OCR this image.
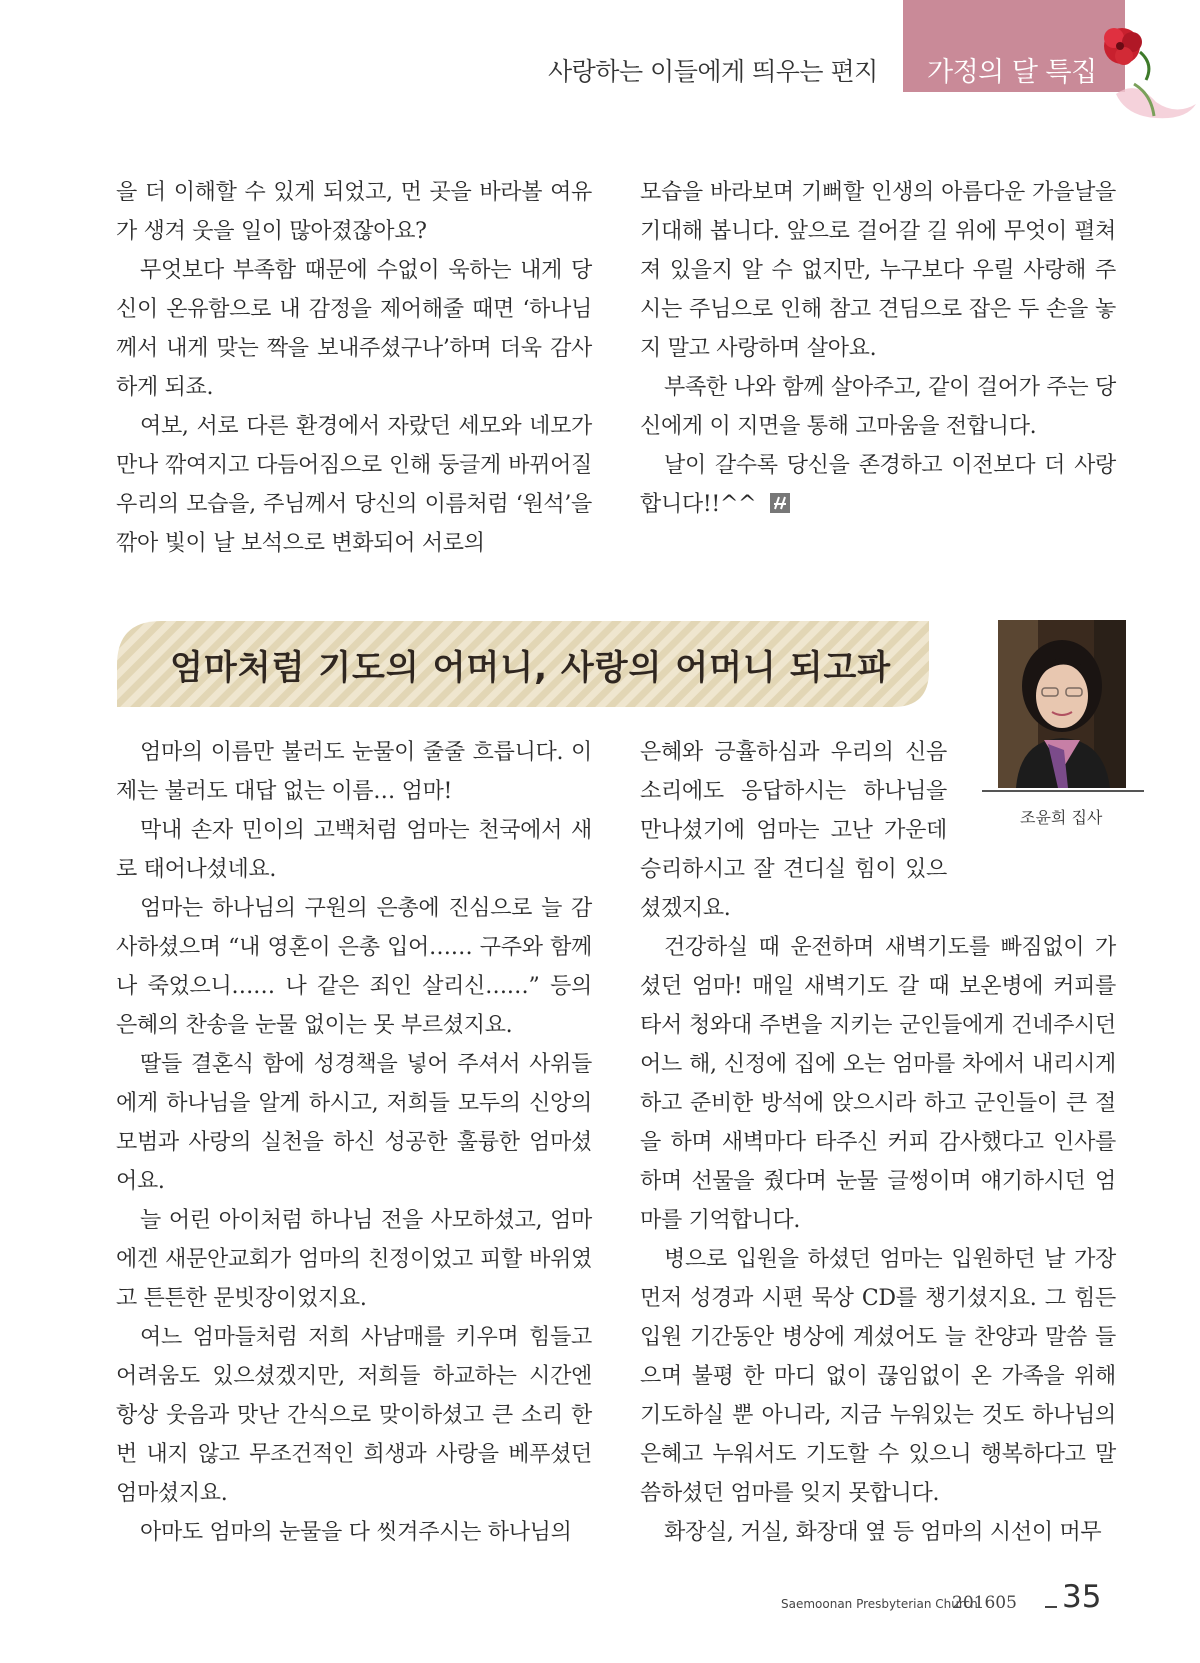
사랑하는 이들에게 띄우는 편지 가정의 달 특집

을 더 이해할 수 있게 되었고, 먼 곳을 바라볼 여유가 생겨 웃을 일이 많아졌잖아요?

무엇보다 부족함 때문에 수없이 욱하는 내게 당신이 온유함으로 내 감정을 제어해줄 때면 ‘하나님께서 내게 맞는 짝을 보내주셨구나’하며 더욱 감사하게 되죠.

여보, 서로 다른 환경에서 자랐던 세모와 네모가 만나 깎여지고 다듬어짐으로 인해 둥글게 바뀌어질 우리의 모습을, 주님께서 당신의 이름처럼 ‘원석’을 깎아 빛이 날 보석으로 변화되어 서로의

모습을 바라보며 기뻐할 인생의 아름다운 가을날을 기대해 봅니다. 앞으로 걸어갈 길 위에 무엇이 펼쳐져 있을지 알 수 없지만, 누구보다 우릴 사랑해 주시는 주님으로 인해 참고 견딤으로 잡은 두 손을 놓지 말고 사랑하며 살아요.

부족한 나와 함께 살아주고, 같이 걸어가 주는 당신에게 이 지면을 통해 고마움을 전합니다.

날이 갈수록 당신을 존경하고 이전보다 더 사랑합니다!!^^

엄마처럼 기도의 어머니, 사랑의 어머니 되고파
조윤희 집사

엄마의 이름만 불러도 눈물이 줄줄 흐릅니다. 이제는 불러도 대답 없는 이름… 엄마!

막내 손자 민이의 고백처럼 엄마는 천국에서 새로 태어나셨네요.

엄마는 하나님의 구원의 은총에 진심으로 늘 감사하셨으며 “내 영혼이 은총 입어…… 구주와 함께 나 죽었으니…… 나 같은 죄인 살리신……” 등의 은혜의 찬송을 눈물 없이는 못 부르셨지요.

딸들 결혼식 함에 성경책을 넣어 주셔서 사위들에게 하나님을 알게 하시고, 저희들 모두의 신앙의 모범과 사랑의 실천을 하신 성공한 훌륭한 엄마셨어요.

늘 어린 아이처럼 하나님 전을 사모하셨고, 엄마에겐 새문안교회가 엄마의 친정이었고 피할 바위였고 튼튼한 문빗장이었지요.

여느 엄마들처럼 저희 사남매를 키우며 힘들고 어려움도 있으셨겠지만, 저희들 하교하는 시간엔 항상 웃음과 맛난 간식으로 맞이하셨고 큰 소리 한 번 내지 않고 무조건적인 희생과 사랑을 베푸셨던 엄마셨지요.

아마도 엄마의 눈물을 다 씻겨주시는 하나님의

은혜와 긍휼하심과 우리의 신음 소리에도 응답하시는 하나님을 만나셨기에 엄마는 고난 가운데 승리하시고 잘 견디실 힘이 있으셨겠지요.

건강하실 때 운전하며 새벽기도를 빠짐없이 가셨던 엄마! 매일 새벽기도 갈 때 보온병에 커피를 타서 청와대 주변을 지키는 군인들에게 건네주시던 어느 해, 신정에 집에 오는 엄마를 차에서 내리시게 하고 준비한 방석에 앉으시라 하고 군인들이 큰 절을 하며 새벽마다 타주신 커피 감사했다고 인사를 하며 선물을 줬다며 눈물 글썽이며 얘기하시던 엄마를 기억합니다.

병으로 입원을 하셨던 엄마는 입원하던 날 가장 먼저 성경과 시편 묵상 CD를 챙기셨지요. 그 힘든 입원 기간동안 병상에 계셨어도 늘 찬양과 말씀 들으며 불평 한 마디 없이 끊임없이 온 가족을 위해 기도하실 뿐 아니라, 지금 누워있는 것도 하나님의 은혜고 누워서도 기도할 수 있으니 행복하다고 말씀하셨던 엄마를 잊지 못합니다.

화장실, 거실, 화장대 옆 등 엄마의 시선이 머무

Saemoonan Presbyterian Church
201605 35
